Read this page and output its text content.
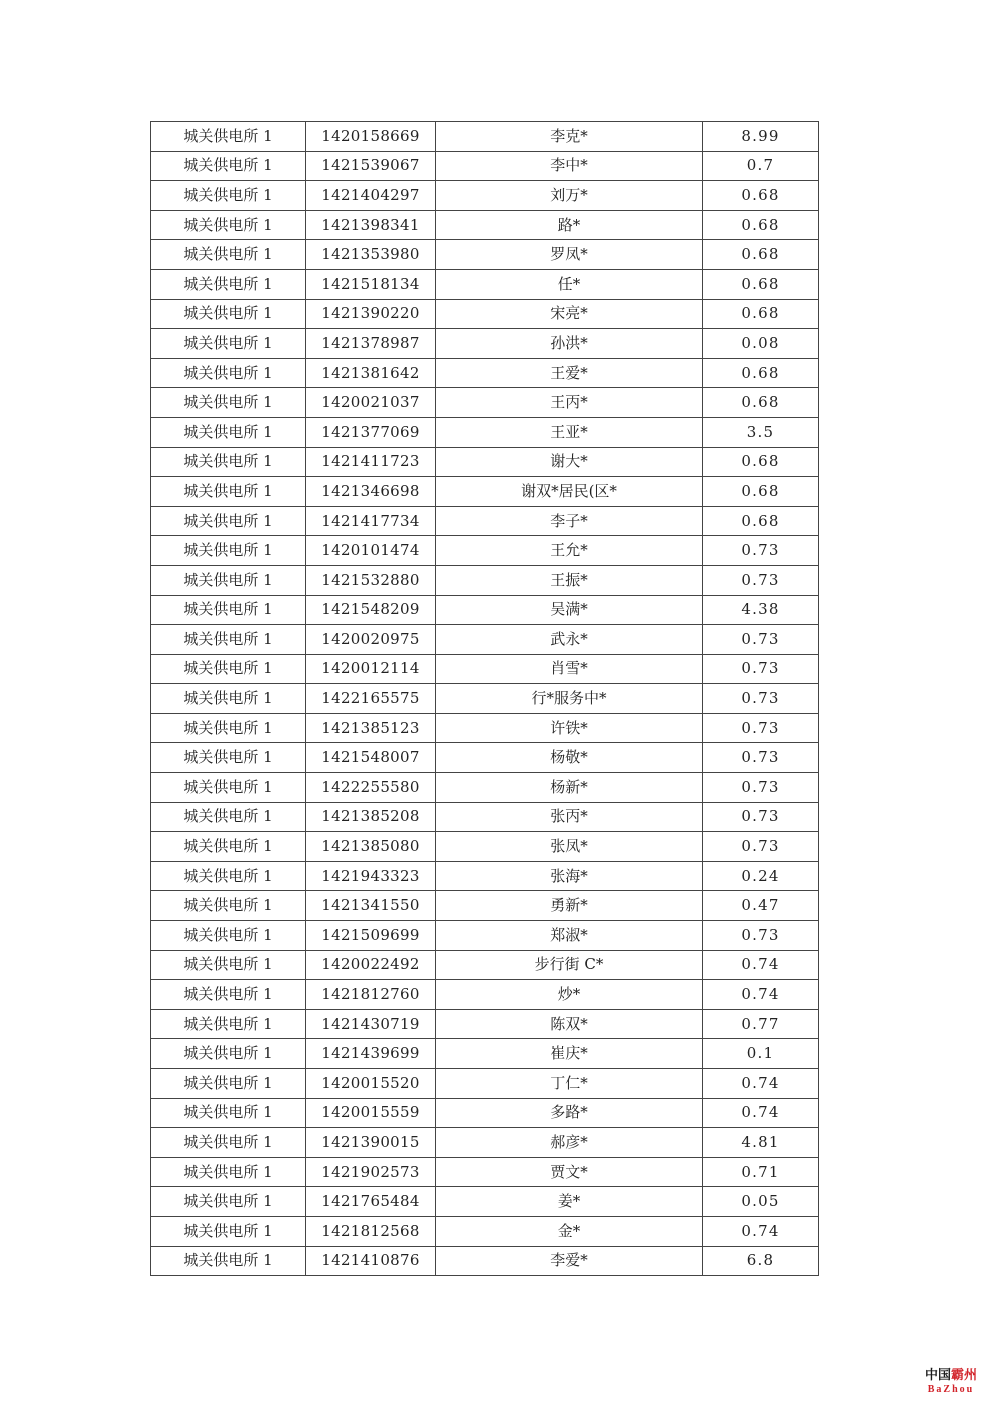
城关供电所 1	1420158669	李克*	8.99
城关供电所 1	1421539067	李中*	0.7
城关供电所 1	1421404297	刘万*	0.68
城关供电所 1	1421398341	路*	0.68
城关供电所 1	1421353980	罗凤*	0.68
城关供电所 1	1421518134	任*	0.68
城关供电所 1	1421390220	宋亮*	0.68
城关供电所 1	1421378987	孙洪*	0.08
城关供电所 1	1421381642	王爱*	0.68
城关供电所 1	1420021037	王丙*	0.68
城关供电所 1	1421377069	王亚*	3.5
城关供电所 1	1421411723	谢大*	0.68
城关供电所 1	1421346698	谢双*居民(区*	0.68
城关供电所 1	1421417734	李子*	0.68
城关供电所 1	1420101474	王允*	0.73
城关供电所 1	1421532880	王振*	0.73
城关供电所 1	1421548209	吴满*	4.38
城关供电所 1	1420020975	武永*	0.73
城关供电所 1	1420012114	肖雪*	0.73
城关供电所 1	1422165575	行*服务中*	0.73
城关供电所 1	1421385123	许铁*	0.73
城关供电所 1	1421548007	杨敬*	0.73
城关供电所 1	1422255580	杨新*	0.73
城关供电所 1	1421385208	张丙*	0.73
城关供电所 1	1421385080	张凤*	0.73
城关供电所 1	1421943323	张海*	0.24
城关供电所 1	1421341550	勇新*	0.47
城关供电所 1	1421509699	郑淑*	0.73
城关供电所 1	1420022492	步行街 C*	0.74
城关供电所 1	1421812760	炒*	0.74
城关供电所 1	1421430719	陈双*	0.77
城关供电所 1	1421439699	崔庆*	0.1
城关供电所 1	1420015520	丁仁*	0.74
城关供电所 1	1420015559	多路*	0.74
城关供电所 1	1421390015	郝彦*	4.81
城关供电所 1	1421902573	贾文*	0.71
城关供电所 1	1421765484	姜*	0.05
城关供电所 1	1421812568	金*	0.74
城关供电所 1	1421410876	李爱*	6.8
中国霸州
BaZhou
